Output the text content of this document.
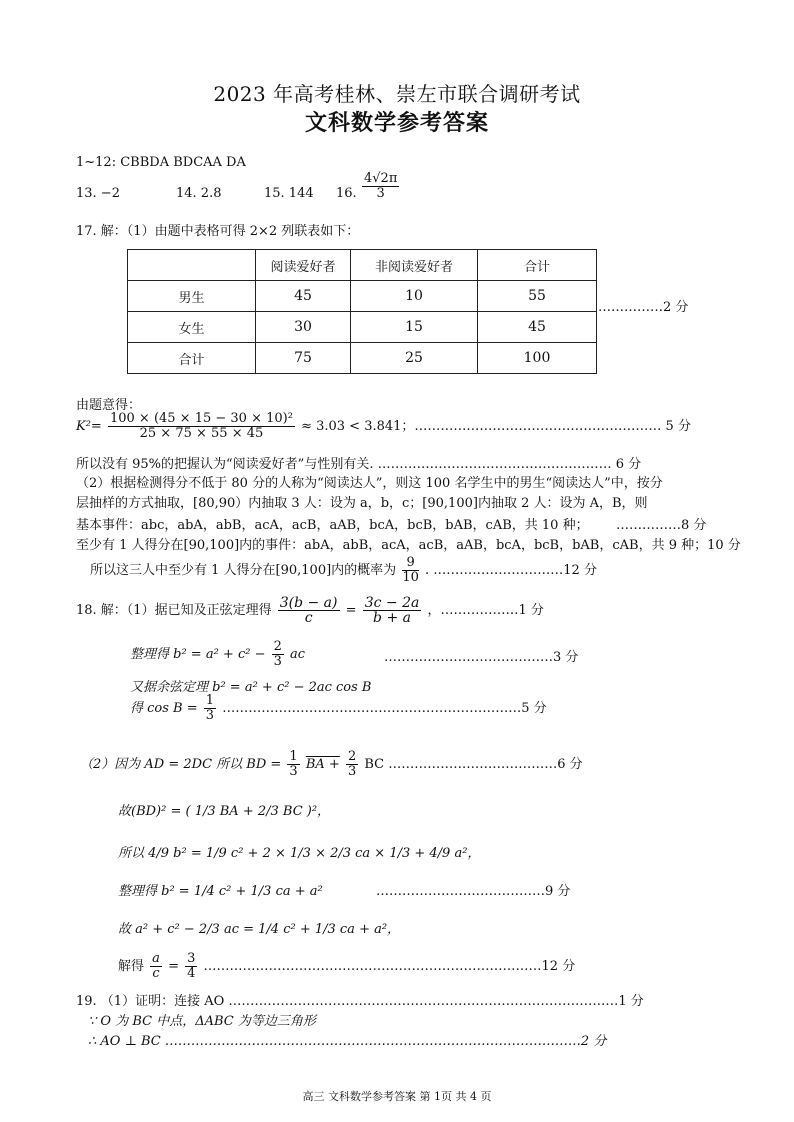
2023 年高考桂林、崇左市联合调研考试
文科数学参考答案
1~12: CBBDA BDCAA DA
13. −2	14. 2.8	15. 144 16. $\frac{4√2\pi}{3}$
17. 解：（1）由题中表格可得 2×2 列联表如下：
	阅读爱好者	非阅读爱好者	合计
男生	45	10	55
女生	30	15	45
合计	75	25	100
……………2 分
由题意得：
$K^2= \frac{\text{100 × (45 × 15 − 30 × 10)²}}{25 \times 75 \times 55 \times 45} \approx 3.03 < 3.841$；………………………………………………… 5 分
所以没有 95%的把握认为“阅读爱好者”与性别有关. ……………………………………………… 6 分
（2）根据检测得分不低于 80 分的人称为“阅读达人”，则这 100 名学生中的男生“阅读达人”中，按分
层抽样的方式抽取，[80,90）内抽取 3 人：设为 a，b，c；[90,100]内抽取 2 人：设为 A，B，则
基本事件：abc，abA，abB，acA，acB，aAB，bcA，bcB，bAB，cAB，共 10 种； ……………8 分
至少有 1 人得分在[90,100]内的事件：abA，abB，acA，acB，aAB，bcA，bcB，bAB，cAB，共 9 种；10 分
所以这三人中至少有 1 人得分在[90,100]内的概率为 $\frac{9}{10}$ . …………………………12 分
18. 解：（1）据已知及正弦定理得 $\frac{3(b - a)}{c} = \frac{3c - 2a}{b + a}$ ，………………1 分
整理得 $b^2 = a^2 + c^2 - \frac{2}{3}$ ac	…………………………………3 分
又据余弦定理 b² = a² + c² − 2ac cos B
得 $\cos B = \frac{1}{3}$ ……………………………………………………………5 分
（2）因为 AD = 2DC 所以 BD = $\frac{1}{3}$ BA + $\frac{2}{3}$ BC …………………………………6 分
故(BD)² = ( 1/3 BA + 2/3 BC )²，
所以 4/9 b² = 1/9 c² + 2 × 1/3 × 2/3 ca × 1/3 + 4/9 a²，
整理得 b² = 1/4 c² + 1/3 ca + a²	…………………………………9 分
故 a² + c² − 2/3 ac = 1/4 c² + 1/3 ca + a²，
解得 $\frac{a}{c} = \frac{3}{4}$ ……………………………………………………………………12 分
19. （1）证明：连接 AO ………………………………………………………………………………1 分
∵ O 为 BC 中点，ΔABC 为等边三角形
∴ AO ⊥ BC ……………………………………………………………………………………2 分
高三 文科数学参考答案 第 1页 共 4 页
